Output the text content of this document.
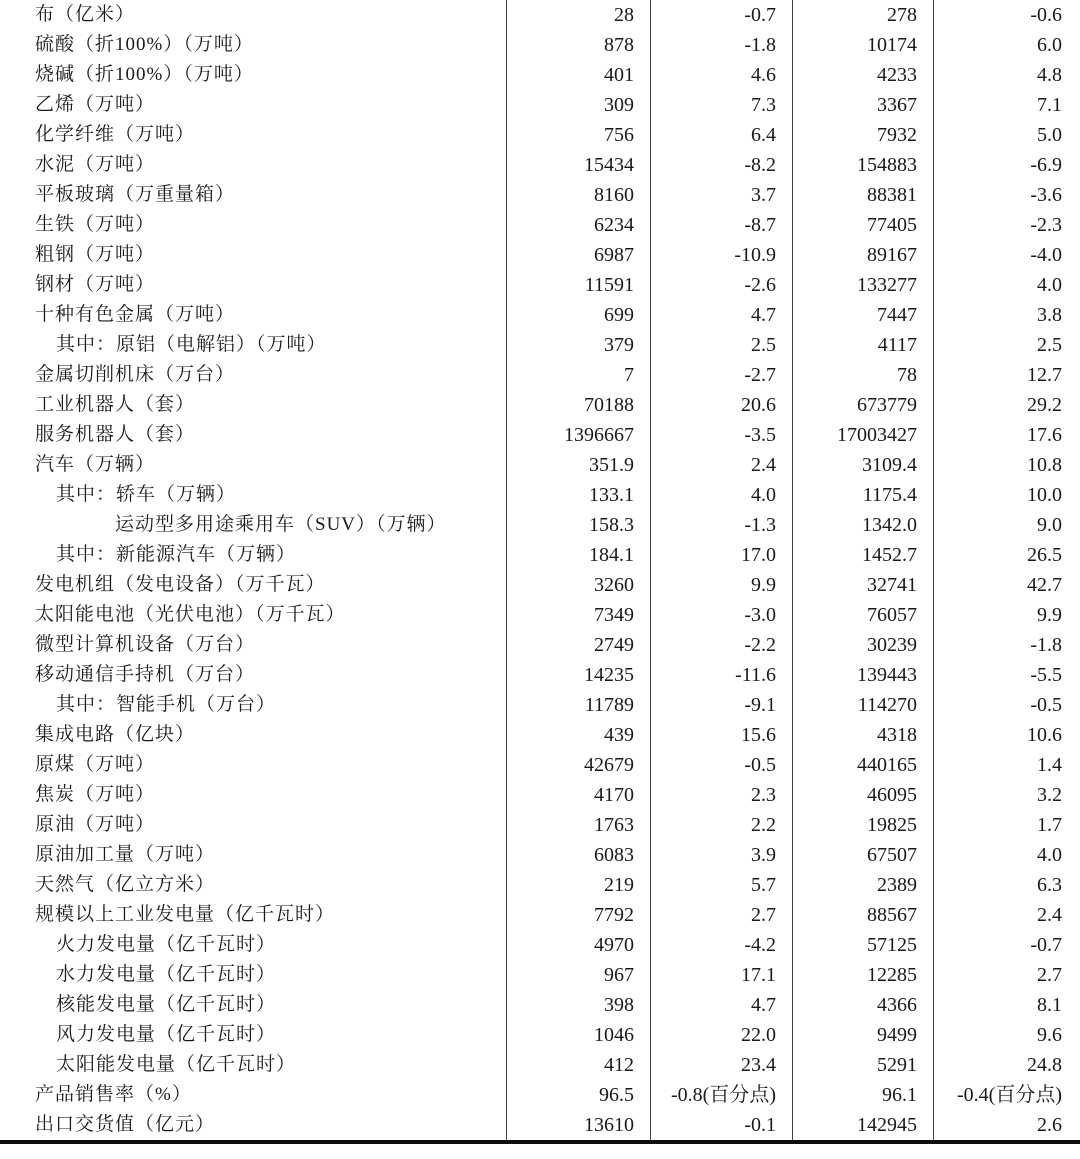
布（亿米）	28	-0.7	278	-0.6
硫酸（折100%）（万吨）	878	-1.8	10174	6.0
烧碱（折100%）（万吨）	401	4.6	4233	4.8
乙烯（万吨）	309	7.3	3367	7.1
化学纤维（万吨）	756	6.4	7932	5.0
水泥（万吨）	15434	-8.2	154883	-6.9
平板玻璃（万重量箱）	8160	3.7	88381	-3.6
生铁（万吨）	6234	-8.7	77405	-2.3
粗钢（万吨）	6987	-10.9	89167	-4.0
钢材（万吨）	11591	-2.6	133277	4.0
十种有色金属（万吨）	699	4.7	7447	3.8
其中：原铝（电解铝）（万吨）	379	2.5	4117	2.5
金属切削机床（万台）	7	-2.7	78	12.7
工业机器人（套）	70188	20.6	673779	29.2
服务机器人（套）	1396667	-3.5	17003427	17.6
汽车（万辆）	351.9	2.4	3109.4	10.8
其中：轿车（万辆）	133.1	4.0	1175.4	10.0
运动型多用途乘用车（SUV）（万辆）	158.3	-1.3	1342.0	9.0
其中：新能源汽车（万辆）	184.1	17.0	1452.7	26.5
发电机组（发电设备）（万千瓦）	3260	9.9	32741	42.7
太阳能电池（光伏电池）（万千瓦）	7349	-3.0	76057	9.9
微型计算机设备（万台）	2749	-2.2	30239	-1.8
移动通信手持机（万台）	14235	-11.6	139443	-5.5
其中：智能手机（万台）	11789	-9.1	114270	-0.5
集成电路（亿块）	439	15.6	4318	10.6
原煤（万吨）	42679	-0.5	440165	1.4
焦炭（万吨）	4170	2.3	46095	3.2
原油（万吨）	1763	2.2	19825	1.7
原油加工量（万吨）	6083	3.9	67507	4.0
天然气（亿立方米）	219	5.7	2389	6.3
规模以上工业发电量（亿千瓦时）	7792	2.7	88567	2.4
火力发电量（亿千瓦时）	4970	-4.2	57125	-0.7
水力发电量（亿千瓦时）	967	17.1	12285	2.7
核能发电量（亿千瓦时）	398	4.7	4366	8.1
风力发电量（亿千瓦时）	1046	22.0	9499	9.6
太阳能发电量（亿千瓦时）	412	23.4	5291	24.8
产品销售率（%）	96.5	-0.8(百分点)	96.1	-0.4(百分点)
出口交货值（亿元）	13610	-0.1	142945	2.6
